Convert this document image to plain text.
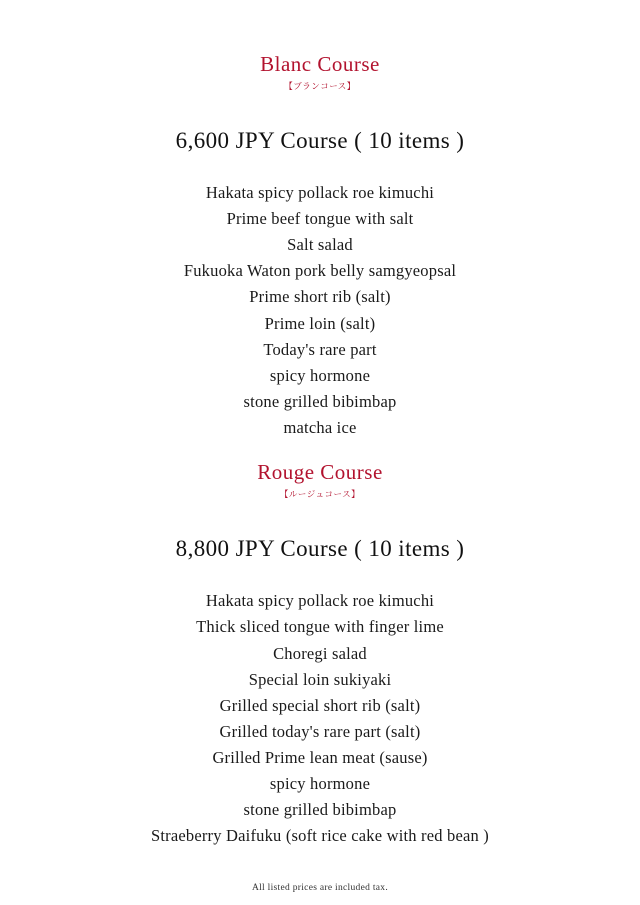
Blanc Course
【ブランコース】
6,600 JPY Course ( 10 items )
Hakata spicy pollack roe kimuchi
Prime beef tongue with salt
Salt salad
Fukuoka Waton pork belly samgyeopsal
Prime short rib (salt)
Prime loin (salt)
Today's rare part
spicy hormone
stone grilled bibimbap
matcha ice
Rouge Course
【ルージュコース】
8,800 JPY Course ( 10 items )
Hakata spicy pollack roe kimuchi
Thick sliced tongue with finger lime
Choregi salad
Special loin sukiyaki
Grilled special short rib (salt)
Grilled today's rare part (salt)
Grilled Prime lean meat (sause)
spicy hormone
stone grilled bibimbap
Straeberry Daifuku (soft rice cake with red bean )
All listed prices are included tax.
